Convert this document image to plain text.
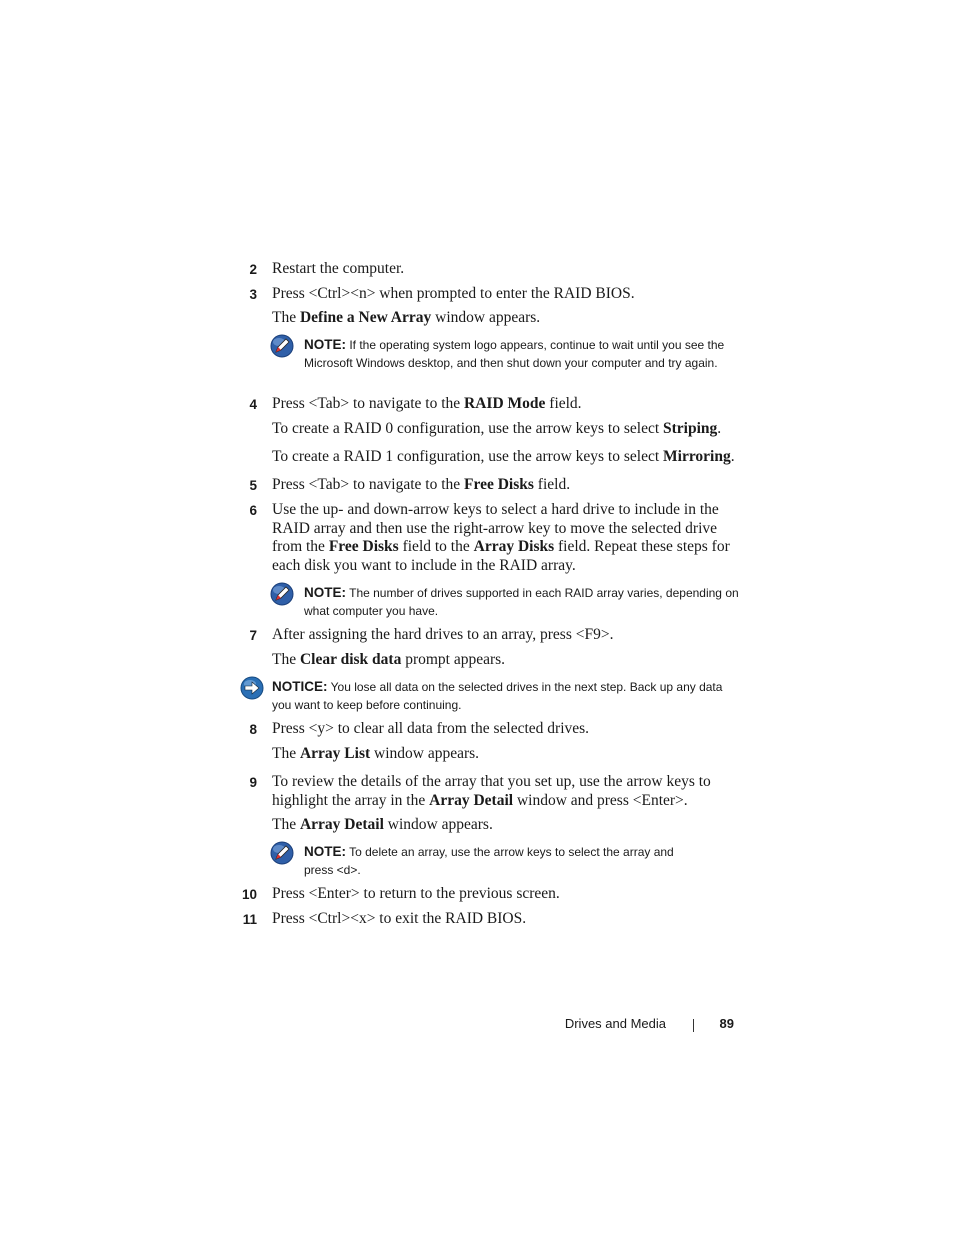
2 Restart the computer.

3 Press <Ctrl><n> when prompted to enter the RAID BIOS.

The Define a New Array window appears.

NOTE: If the operating system logo appears, continue to wait until you see the Microsoft Windows desktop, and then shut down your computer and try again.
4 Press <Tab> to navigate to the RAID Mode field.

To create a RAID 0 configuration, use the arrow keys to select Striping.

To create a RAID 1 configuration, use the arrow keys to select Mirroring.

5 Press <Tab> to navigate to the Free Disks field.

6 Use the up- and down-arrow keys to select a hard drive to include in the

RAID array and then use the right-arrow key to move the selected drive

from the Free Disks field to the Array Disks field. Repeat these steps for

each disk you want to include in the RAID array.

NOTE: The number of drives supported in each RAID array varies, depending on what computer you have.
7 After assigning the hard drives to an array, press <F9>.

The Clear disk data prompt appears.

NOTICE: You lose all data on the selected drives in the next step. Back up any data you want to keep before continuing.
8 Press <y> to clear all data from the selected drives.

The Array List window appears.

9 To review the details of the array that you set up, use the arrow keys to

highlight the array in the Array Detail window and press <Enter>.

The Array Detail window appears.

NOTE: To delete an array, use the arrow keys to select the array and press <d>.
10 Press <Enter> to return to the previous screen.

11 Press <Ctrl><x> to exit the RAID BIOS.

Drives and Media	89
